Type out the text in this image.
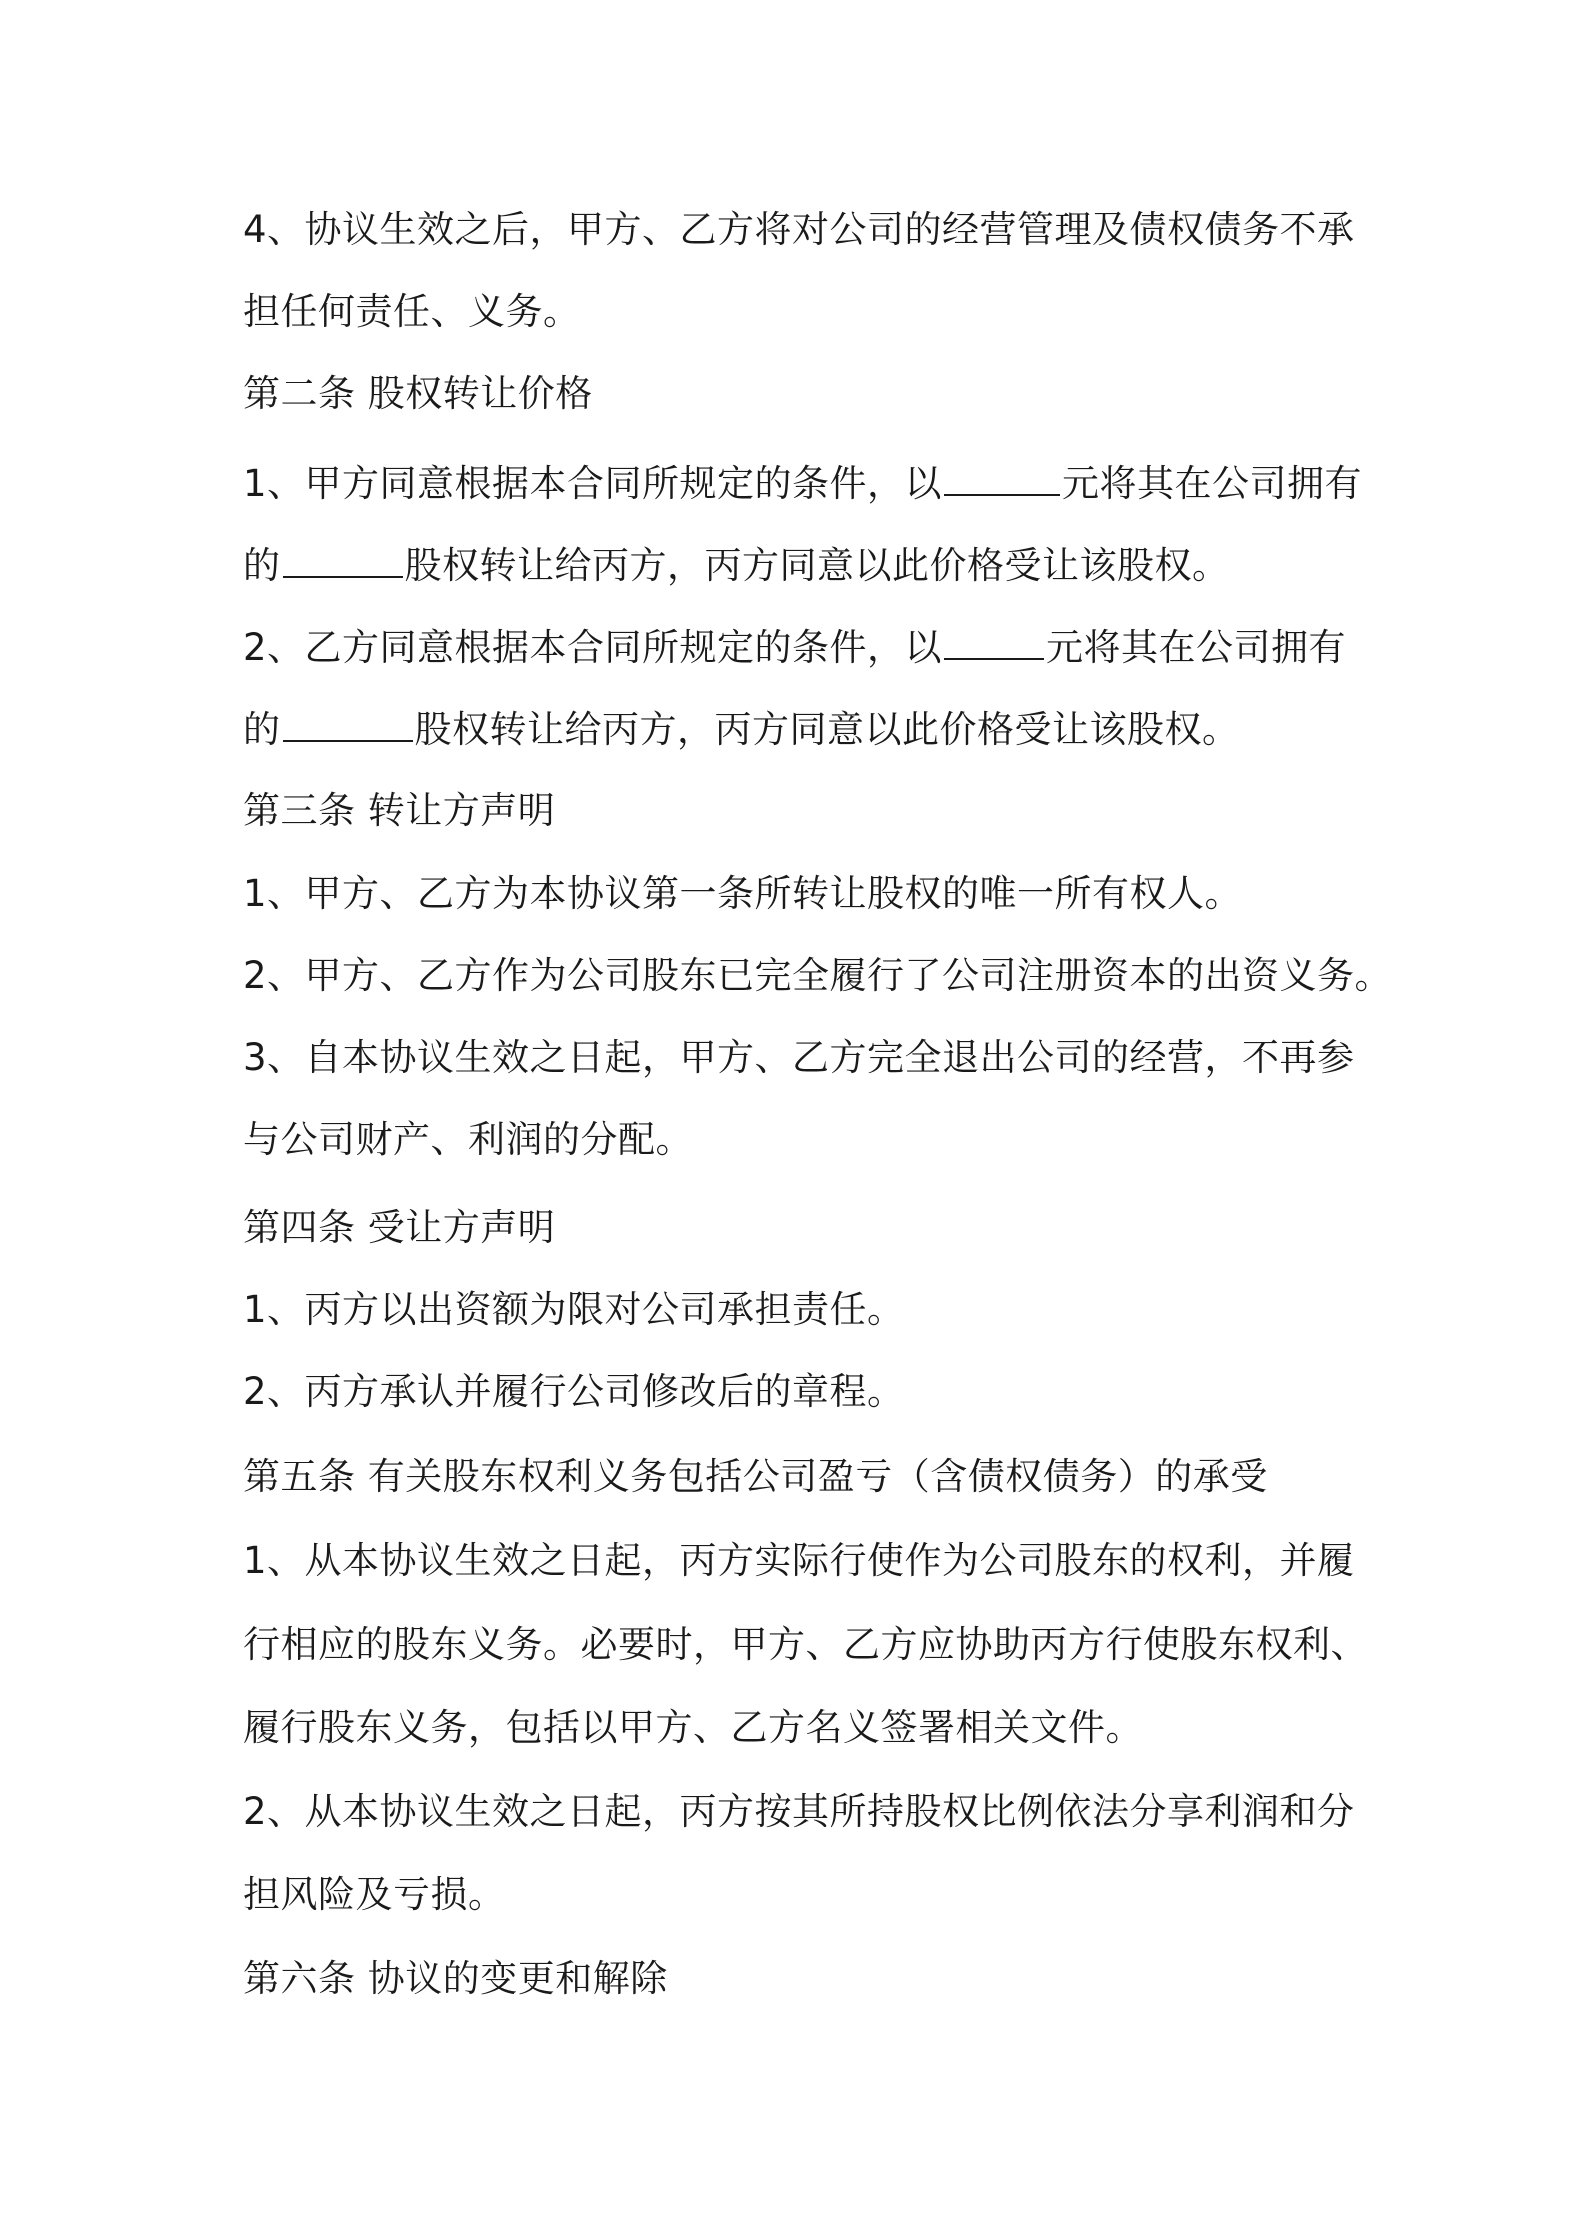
4、协议生效之后，甲方、乙方将对公司的经营管理及债权债务不承
担任何责任、义务。
第二条 股权转让价格
1、甲方同意根据本合同所规定的条件，以	元将其在公司拥有
的	股权转让给丙方，丙方同意以此价格受让该股权。
2、乙方同意根据本合同所规定的条件，以	元将其在公司拥有
的	股权转让给丙方，丙方同意以此价格受让该股权。
第三条 转让方声明
1、甲方、乙方为本协议第一条所转让股权的唯一所有权人。
2、甲方、乙方作为公司股东已完全履行了公司注册资本的出资义务。
3、自本协议生效之日起，甲方、乙方完全退出公司的经营，不再参
与公司财产、利润的分配。
第四条 受让方声明
1、丙方以出资额为限对公司承担责任。
2、丙方承认并履行公司修改后的章程。
第五条 有关股东权利义务包括公司盈亏（含债权债务）的承受
1、从本协议生效之日起，丙方实际行使作为公司股东的权利，并履
行相应的股东义务。必要时，甲方、乙方应协助丙方行使股东权利、
履行股东义务，包括以甲方、乙方名义签署相关文件。
2、从本协议生效之日起，丙方按其所持股权比例依法分享利润和分
担风险及亏损。
第六条 协议的变更和解除
